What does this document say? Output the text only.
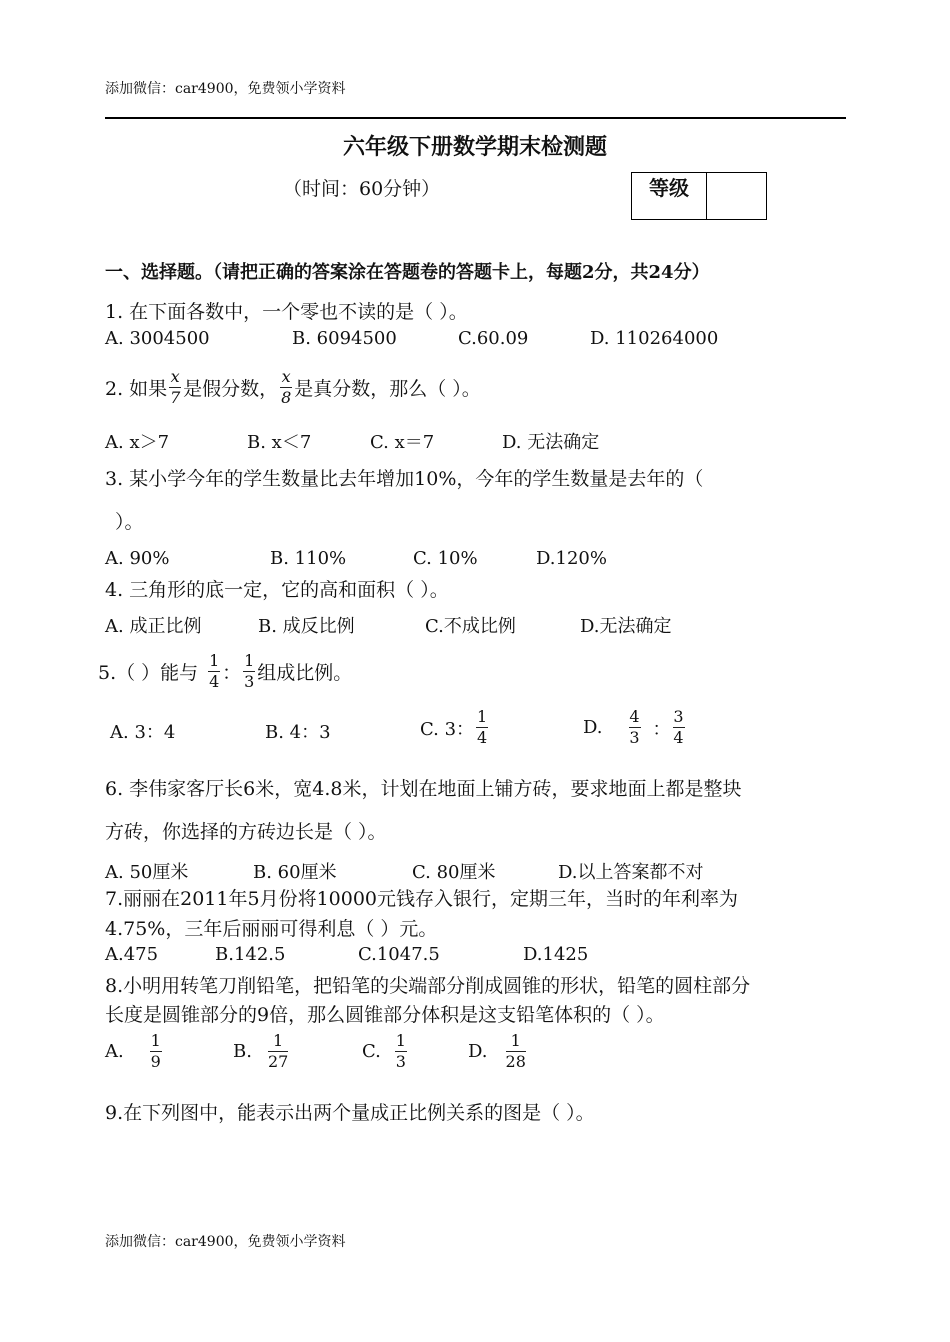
添加微信：car4900，免费领小学资料
六年级下册数学期末检测题
（时间：60分钟）	等级
一、选择题。（请把正确的答案涂在答题卷的答题卡上，每题2分，共24分）
1. 在下面各数中，一个零也不读的是（ ）。
A. 3004500	B. 6094500	C.60.09	D. 110264000
2. 如果 $\frac{x}{7}$ 是假分数， $\frac{x}{8}$ 是真分数，那么（ ）。
A. x＞7	B. x＜7	C. x＝7	D. 无法确定
3. 某小学今年的学生数量比去年增加10%，今年的学生数量是去年的（
）。
A. 90%	B. 110%	C. 10%	D.120%
4. 三角形的底一定，它的高和面积（ ）。
A. 成正比例	B. 成反比例	C.不成比例	D.无法确定
5.（ ）能与 $\frac{1}{4}$ ： $\frac{1}{3}$ 组成比例。
A. 3：4	B. 4：3	C. 3： $\frac{1}{4}$	D. $\frac{4}{3}$ ： $\frac{3}{4}$
6. 李伟家客厅长6米，宽4.8米，计划在地面上铺方砖，要求地面上都是整块
方砖，你选择的方砖边长是（ ）。
A. 50厘米	B. 60厘米	C. 80厘米	D.以上答案都不对
7.丽丽在2011年5月份将10000元钱存入银行，定期三年，当时的年利率为
4.75%，三年后丽丽可得利息（ ）元。
A.475	B.142.5	C.1047.5	D.1425
8.小明用转笔刀削铅笔，把铅笔的尖端部分削成圆锥的形状，铅笔的圆柱部分
长度是圆锥部分的9倍，那么圆锥部分体积是这支铅笔体积的（ ）。
A. $\frac{1}{9}$	B. $\frac{1}{27}$	C. $\frac{1}{3}$	D. $\frac{1}{28}$
9.在下列图中，能表示出两个量成正比例关系的图是（ ）。
添加微信：car4900，免费领小学资料
